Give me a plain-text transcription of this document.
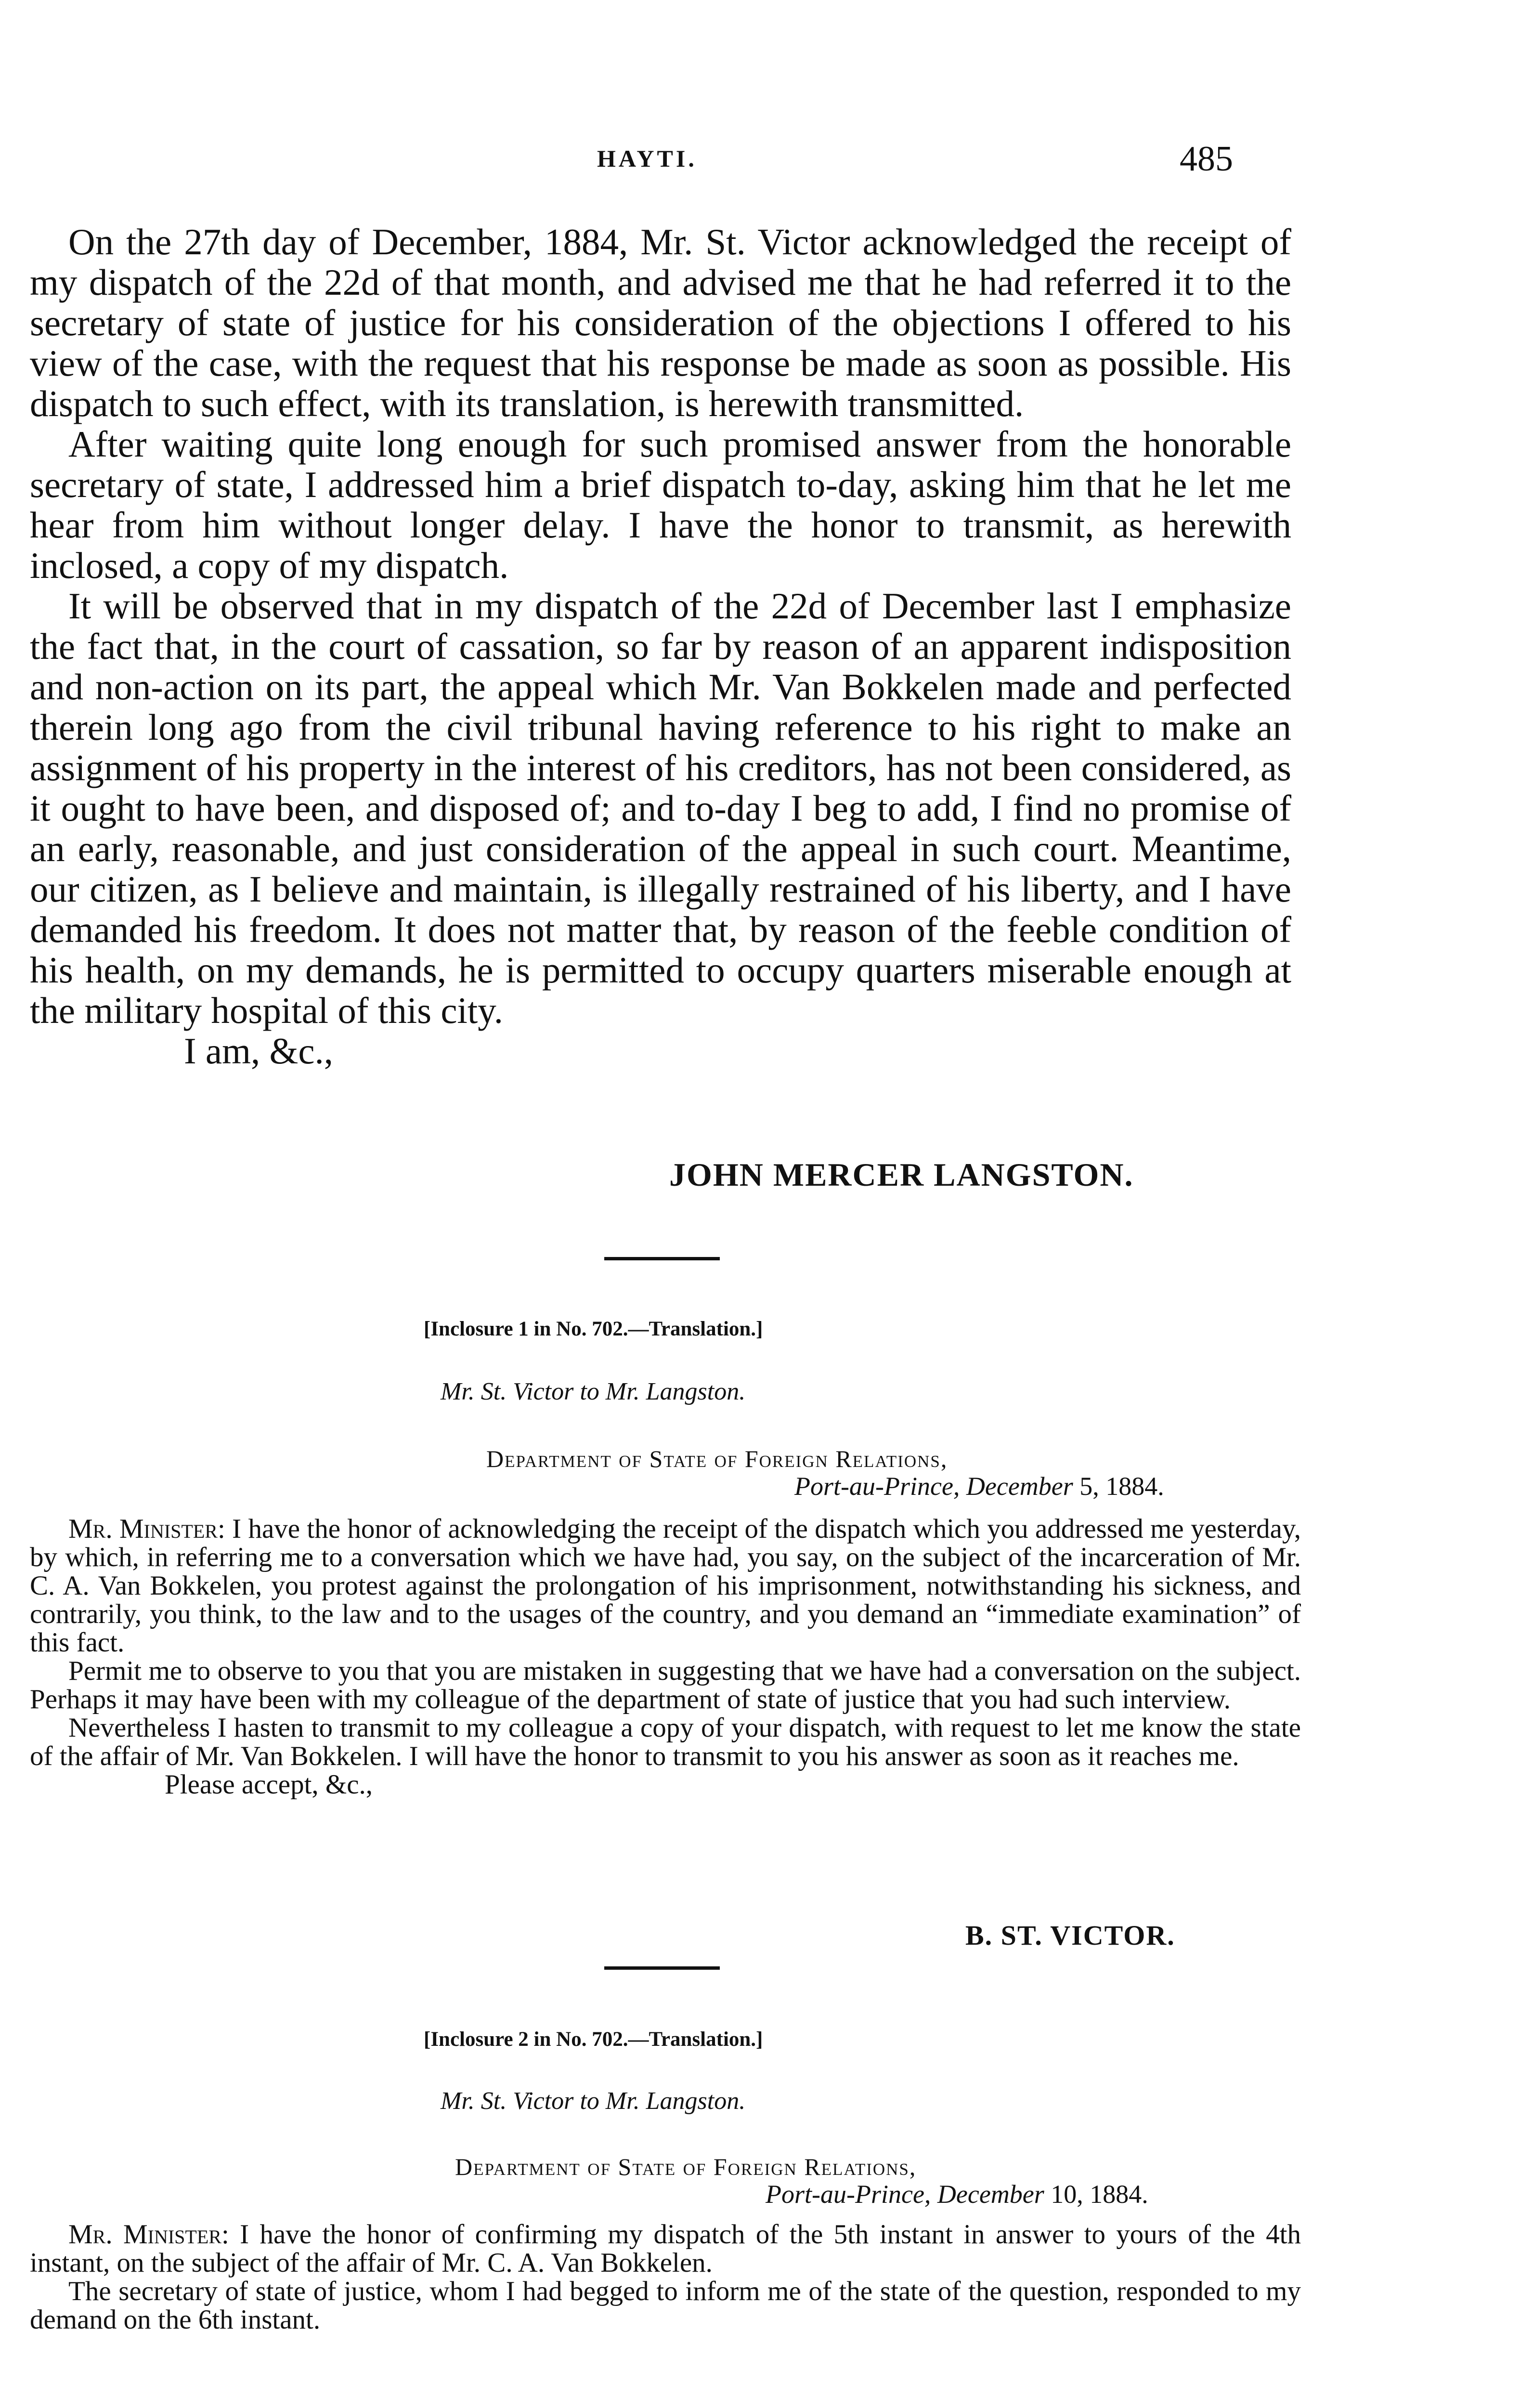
HAYTI.	485

On the 27th day of December, 1884, Mr. St. Victor acknowledged the receipt of my dispatch of the 22d of that month, and advised me that he had referred it to the secretary of state of justice for his consideration of the objections I offered to his view of the case, with the request that his response be made as soon as possible. His dispatch to such effect, with its translation, is herewith transmitted.

After waiting quite long enough for such promised answer from the honorable secretary of state, I addressed him a brief dispatch to-day, asking him that he let me hear from him without longer delay. I have the honor to transmit, as herewith inclosed, a copy of my dispatch.

It will be observed that in my dispatch of the 22d of December last I emphasize the fact that, in the court of cassation, so far by reason of an apparent indisposition and non-action on its part, the appeal which Mr. Van Bokkelen made and perfected therein long ago from the civil tribunal having reference to his right to make an assignment of his property in the interest of his creditors, has not been considered, as it ought to have been, and disposed of; and to-day I beg to add, I find no promise of an early, reasonable, and just consideration of the appeal in such court. Meantime, our citizen, as I believe and maintain, is illegally restrained of his liberty, and I have demanded his freedom. It does not matter that, by reason of the feeble condition of his health, on my demands, he is permitted to occupy quarters miserable enough at the military hospital of this city.

I am, &c.,

JOHN MERCER LANGSTON.
[Inclosure 1 in No. 702.—Translation.]
Mr. St. Victor to Mr. Langston.
Department of State of Foreign Relations,
Port-au-Prince, December 5, 1884.

Mr. Minister: I have the honor of acknowledging the receipt of the dispatch which you addressed me yesterday, by which, in referring me to a conversation which we have had, you say, on the subject of the incarceration of Mr. C. A. Van Bokkelen, you protest against the prolongation of his imprisonment, notwithstanding his sickness, and contrarily, you think, to the law and to the usages of the country, and you demand an “immediate examination” of this fact.

Permit me to observe to you that you are mistaken in suggesting that we have had a conversation on the subject. Perhaps it may have been with my colleague of the department of state of justice that you had such interview.

Nevertheless I hasten to transmit to my colleague a copy of your dispatch, with request to let me know the state of the affair of Mr. Van Bokkelen. I will have the honor to transmit to you his answer as soon as it reaches me.

Please accept, &c.,

B. ST. VICTOR.
[Inclosure 2 in No. 702.—Translation.]
Mr. St. Victor to Mr. Langston.
Department of State of Foreign Relations,
Port-au-Prince, December 10, 1884.

Mr. Minister: I have the honor of confirming my dispatch of the 5th instant in answer to yours of the 4th instant, on the subject of the affair of Mr. C. A. Van Bokkelen.

The secretary of state of justice, whom I had begged to inform me of the state of the question, responded to my demand on the 6th instant.
